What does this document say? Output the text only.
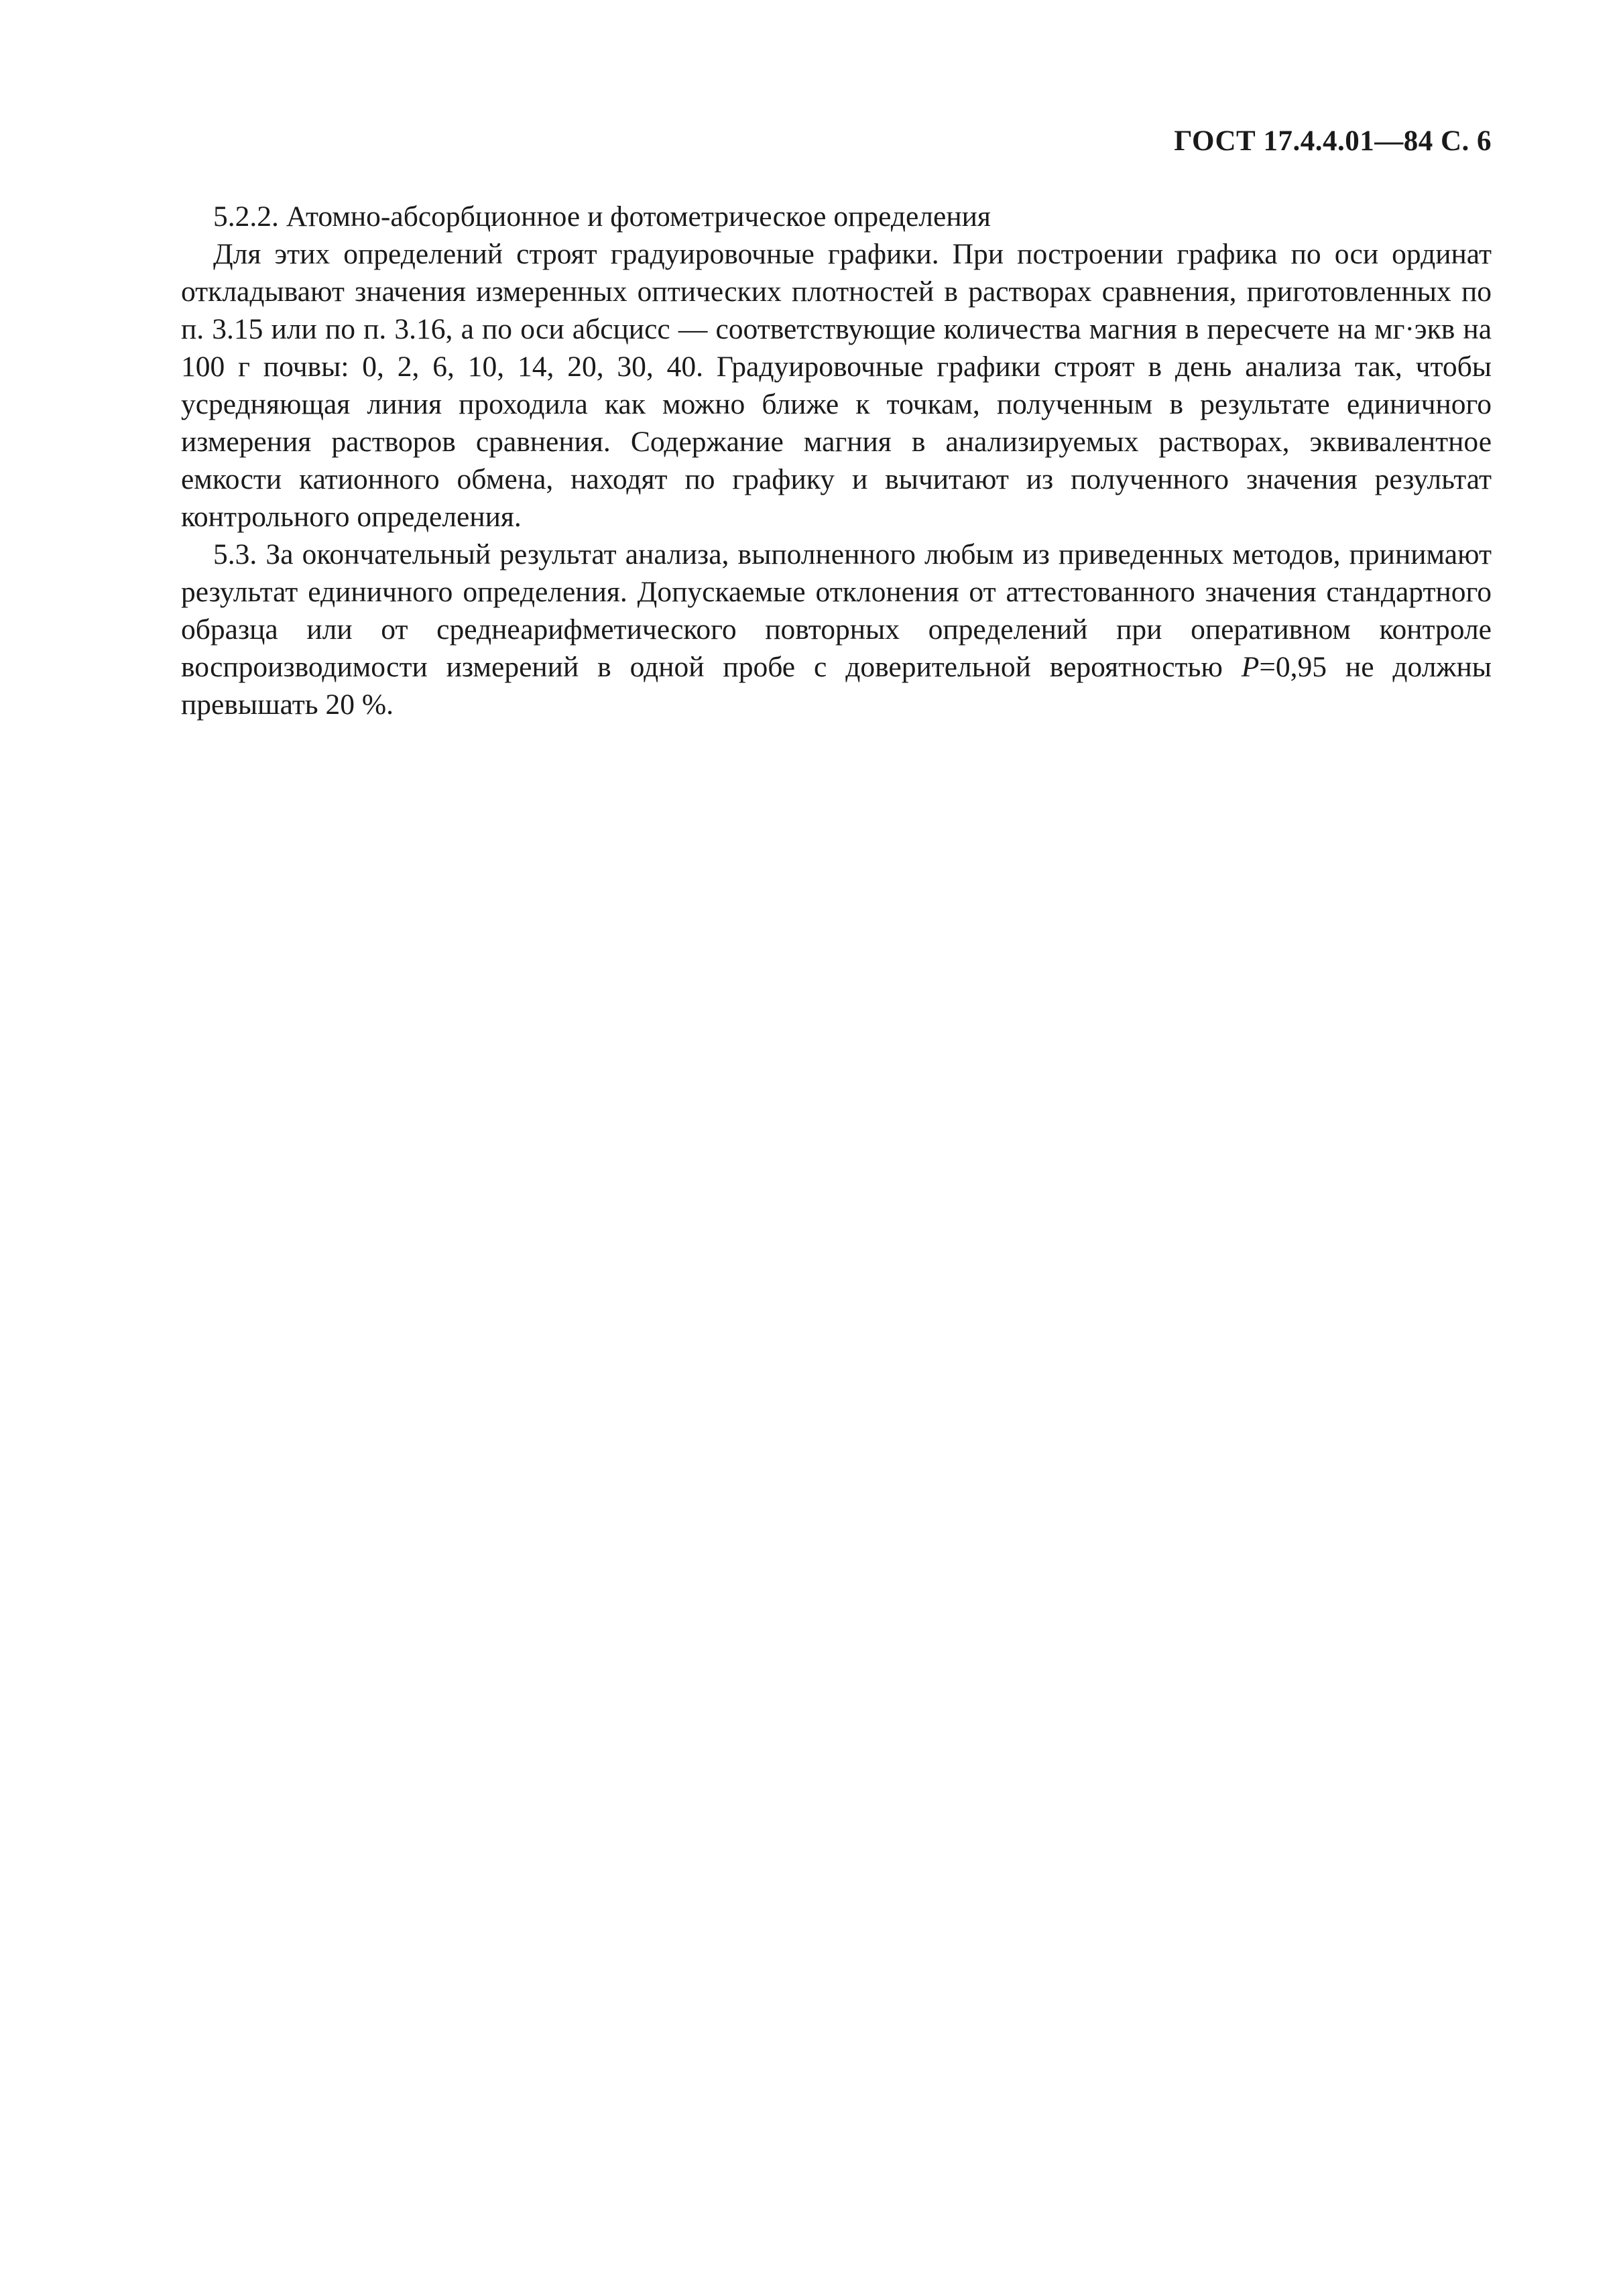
ГОСТ 17.4.4.01—84 С. 6

5.2.2. Атомно-абсорбционное и фотометрическое определения

Для этих определений строят градуировочные графики. При построении графика по оси ординат откладывают значения измеренных оптических плотностей в растворах сравнения, приготовленных по п. 3.15 или по п. 3.16, а по оси абсцисс — соответствующие количества магния в пересчете на мг·экв на 100 г почвы: 0, 2, 6, 10, 14, 20, 30, 40. Градуировочные графики строят в день анализа так, чтобы усредняющая линия проходила как можно ближе к точкам, полученным в результате единичного измерения растворов сравнения. Содержание магния в анализируемых растворах, эквивалентное емкости катионного обмена, находят по графику и вычитают из полученного значения результат контрольного определения.

5.3. За окончательный результат анализа, выполненного любым из приведенных методов, принимают результат единичного определения. Допускаемые отклонения от аттестованного значения стандартного образца или от среднеарифметического повторных определений при оперативном контроле воспроизводимости измерений в одной пробе с доверительной вероятностью P=0,95 не должны превышать 20 %.
